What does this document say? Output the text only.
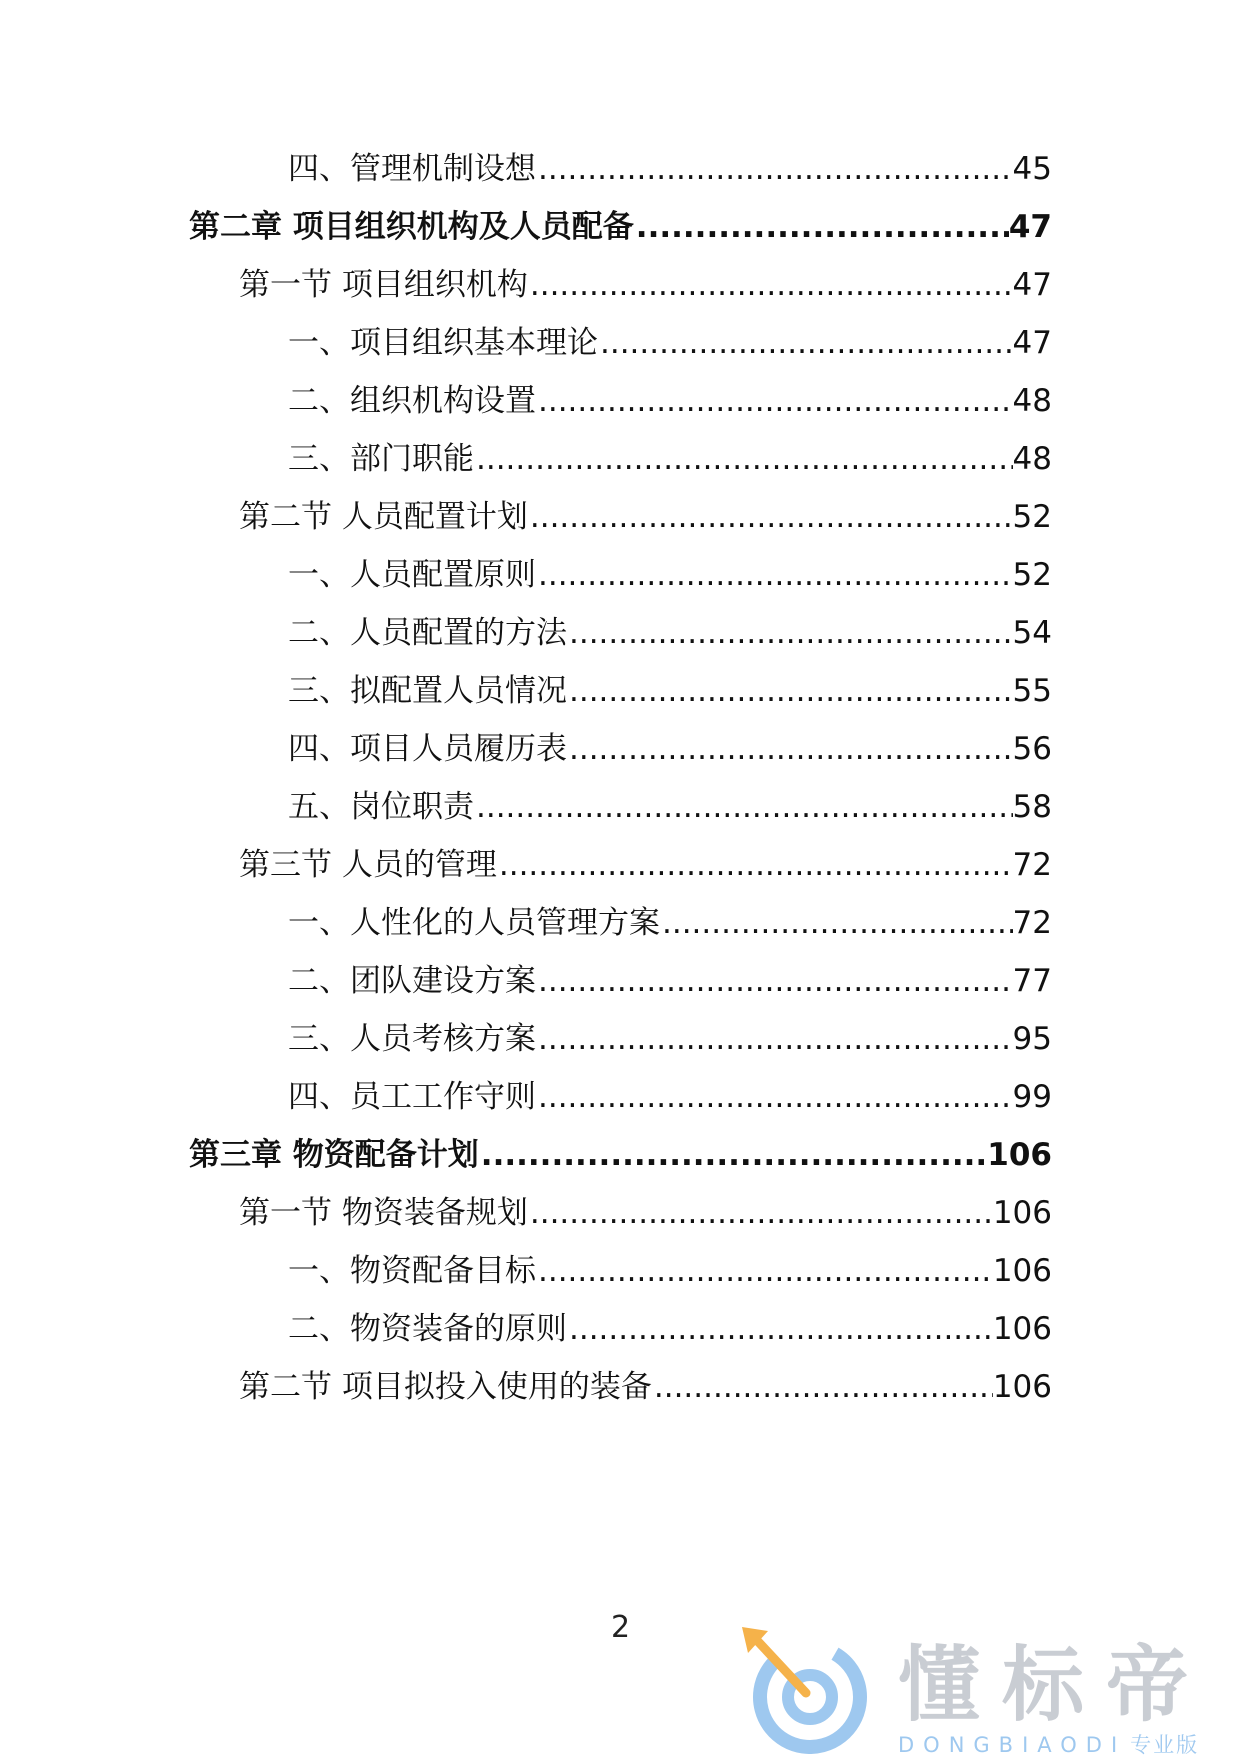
四、管理机制设想 .....	45
第二章 项目组织机构及人员配备 .....	47
第一节 项目组织机构 .....	47
一、项目组织基本理论 .....	47
二、组织机构设置 .....	48
三、部门职能 .....	48
第二节 人员配置计划 .....	52
一、人员配置原则 .....	52
二、人员配置的方法 .....	54
三、拟配置人员情况 .....	55
四、项目人员履历表 .....	56
五、岗位职责 .....	58
第三节 人员的管理 .....	72
一、人性化的人员管理方案 .....	72
二、团队建设方案 .....	77
三、人员考核方案 .....	95
四、员工工作守则 .....	99
第三章 物资配备计划 .....	106
第一节 物资装备规划 .....	106
一、物资配备目标 .....	106
二、物资装备的原则 .....	106
第二节 项目拟投入使用的装备 .....	106
2
懂标帝
DONGBIAODI 专业版
